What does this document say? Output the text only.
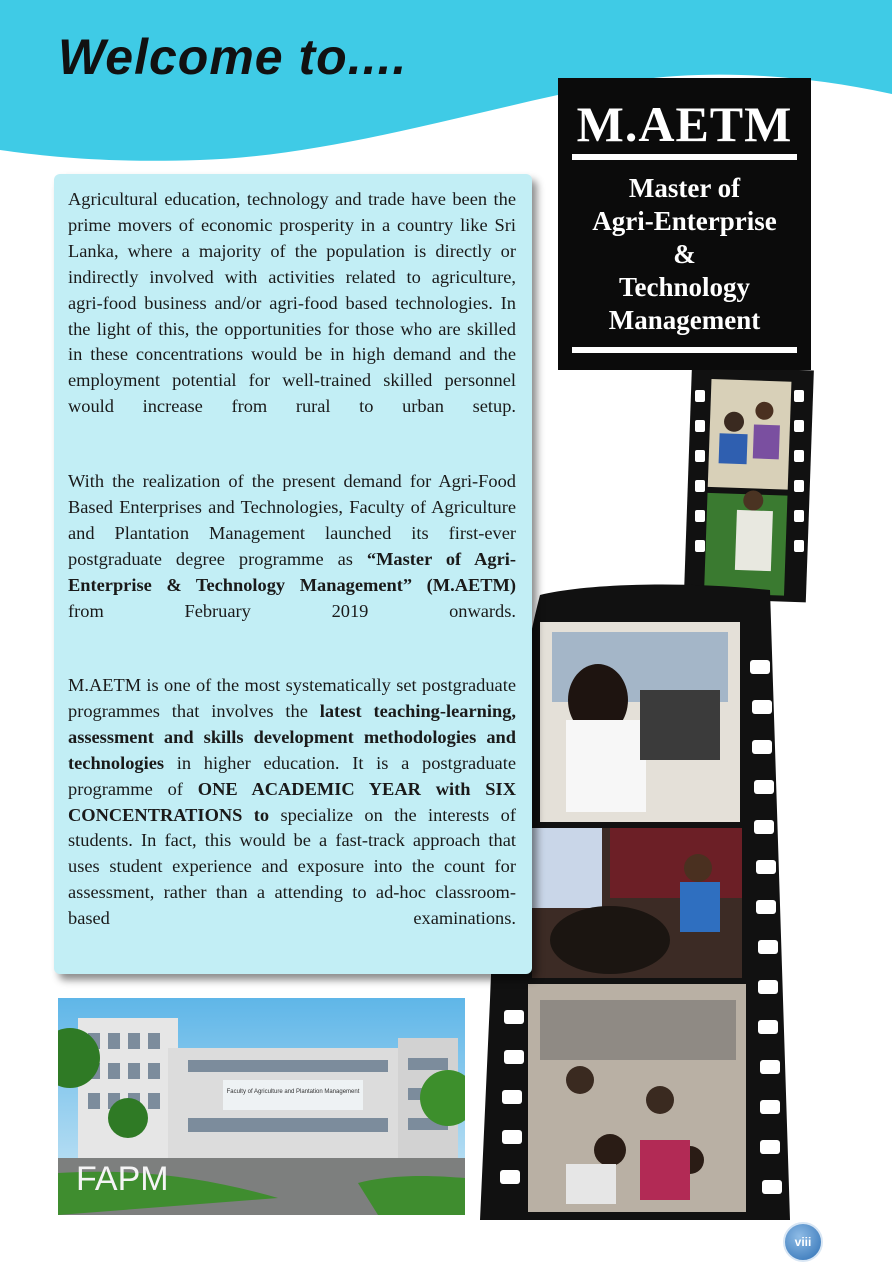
Welcome to....
M.AETM
Master of
Agri-Enterprise
&
Technology
Management

Agricultural education, technology and trade have been the prime movers of economic prosperity in a country like Sri Lanka, where a majority of the population is directly or indirectly involved with activities related to agriculture, agri-food business and/or agri-food based technologies. In the light of this, the opportunities for those who are skilled in these concentrations would be in high demand and the employment potential for well-trained skilled personnel would increase from rural to urban setup.

With the realization of the present demand for Agri-Food Based Enterprises and Technologies, Faculty of Agriculture and Plantation Management launched its first-ever postgraduate degree programme as “Master of Agri-Enterprise & Technology Management” (M.AETM) from February 2019 onwards.

M.AETM is one of the most systematically set postgraduate programmes that involves the latest teaching-learning, assessment and skills development methodologies and technologies in higher education. It is a postgraduate programme of ONE ACADEMIC YEAR with SIX CONCENTRATIONS to specialize on the interests of students. In fact, this would be a fast-track approach that uses student experience and exposure into the count for assessment, rather than a attending to ad-hoc classroom-based examinations.

Faculty of Agriculture and Plantation Management
FAPM
viii
